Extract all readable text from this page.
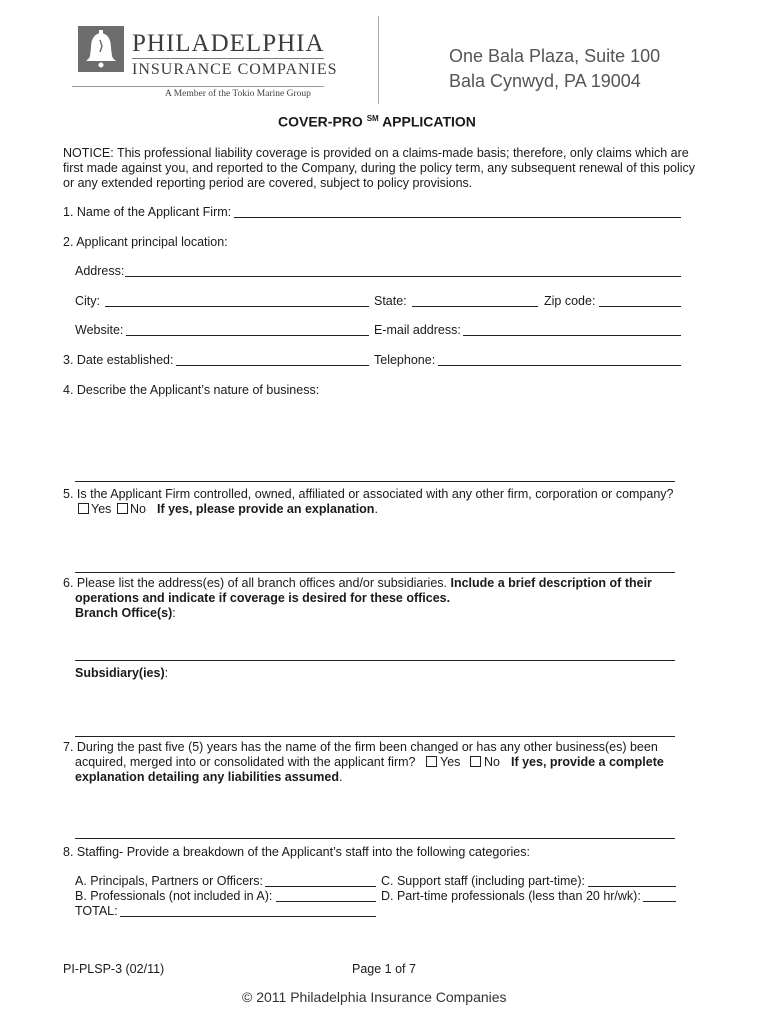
PHILADELPHIA
INSURANCE COMPANIES
A Member of the Tokio Marine Group
One Bala Plaza, Suite 100
Bala Cynwyd, PA 19004
COVER-PRO ℠ APPLICATION
NOTICE: This professional liability coverage is provided on a claims-made basis; therefore, only claims which are
first made against you, and reported to the Company, during the policy term, any subsequent renewal of this policy
or any extended reporting period are covered, subject to policy provisions.
1. Name of the Applicant Firm:
2. Applicant principal location:
Address:
City:	State:	Zip code:
Website:	E-mail address:
3. Date established:	Telephone:
4. Describe the Applicant’s nature of business:
5. Is the Applicant Firm controlled, owned, affiliated or associated with any other firm, corporation or company?
Yes No If yes, please provide an explanation.
6. Please list the address(es) of all branch offices and/or subsidiaries. Include a brief description of their
operations and indicate if coverage is desired for these offices.
Branch Office(s):
Subsidiary(ies):
7. During the past five (5) years has the name of the firm been changed or has any other business(es) been
acquired, merged into or consolidated with the applicant firm? Yes No If yes, provide a complete
explanation detailing any liabilities assumed.
8. Staffing- Provide a breakdown of the Applicant’s staff into the following categories:
A. Principals, Partners or Officers:	C. Support staff (including part-time):
B. Professionals (not included in A):	D. Part-time professionals (less than 20 hr/wk):
TOTAL:
PI-PLSP-3 (02/11)	Page 1 of 7
© 2011 Philadelphia Insurance Companies
